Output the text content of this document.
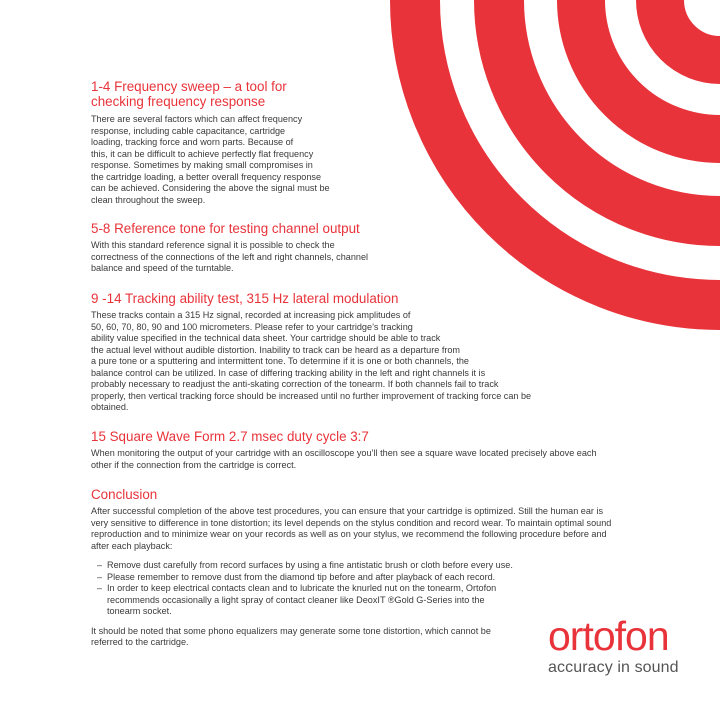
1-4 Frequency sweep – a tool for
checking frequency response

There are several factors which can affect frequency
response, including cable capacitance, cartridge
loading, tracking force and worn parts. Because of
this, it can be difficult to achieve perfectly flat frequency
response. Sometimes by making small compromises in
the cartridge loading, a better overall frequency response
can be achieved. Considering the above the signal must be
clean throughout the sweep.

5-8 Reference tone for testing channel output

With this standard reference signal it is possible to check the
correctness of the connections of the left and right channels, channel
balance and speed of the turntable.

9 -14 Tracking ability test, 315 Hz lateral modulation

These tracks contain a 315 Hz signal, recorded at increasing pick amplitudes of
50, 60, 70, 80, 90 and 100 micrometers. Please refer to your cartridge’s tracking
ability value specified in the technical data sheet. Your cartridge should be able to track
the actual level without audible distortion. Inability to track can be heard as a departure from
a pure tone or a sputtering and intermittent tone. To determine if it is one or both channels, the
balance control can be utilized. In case of differing tracking ability in the left and right channels it is
probably necessary to readjust the anti-skating correction of the tonearm. If both channels fail to track
properly, then vertical tracking force should be increased until no further improvement of tracking force can be
obtained.

15 Square Wave Form 2.7 msec duty cycle 3:7

When monitoring the output of your cartridge with an oscilloscope you’ll then see a square wave located precisely above each
other if the connection from the cartridge is correct.

Conclusion

After successful completion of the above test procedures, you can ensure that your cartridge is optimized. Still the human ear is
very sensitive to difference in tone distortion; its level depends on the stylus condition and record wear. To maintain optimal sound
reproduction and to minimize wear on your records as well as on your stylus, we recommend the following procedure before and
after each playback:

– Remove dust carefully from record surfaces by using a fine antistatic brush or cloth before every use.
– Please remember to remove dust from the diamond tip before and after playback of each record.
– In order to keep electrical contacts clean and to lubricate the knurled nut on the tonearm, Ortofon
recommends occasionally a light spray of contact cleaner like DeoxIT ®Gold G-Series into the
tonearm socket.

It should be noted that some phono equalizers may generate some tone distortion, which cannot be
referred to the cartridge.	ortofon
accuracy in sound
